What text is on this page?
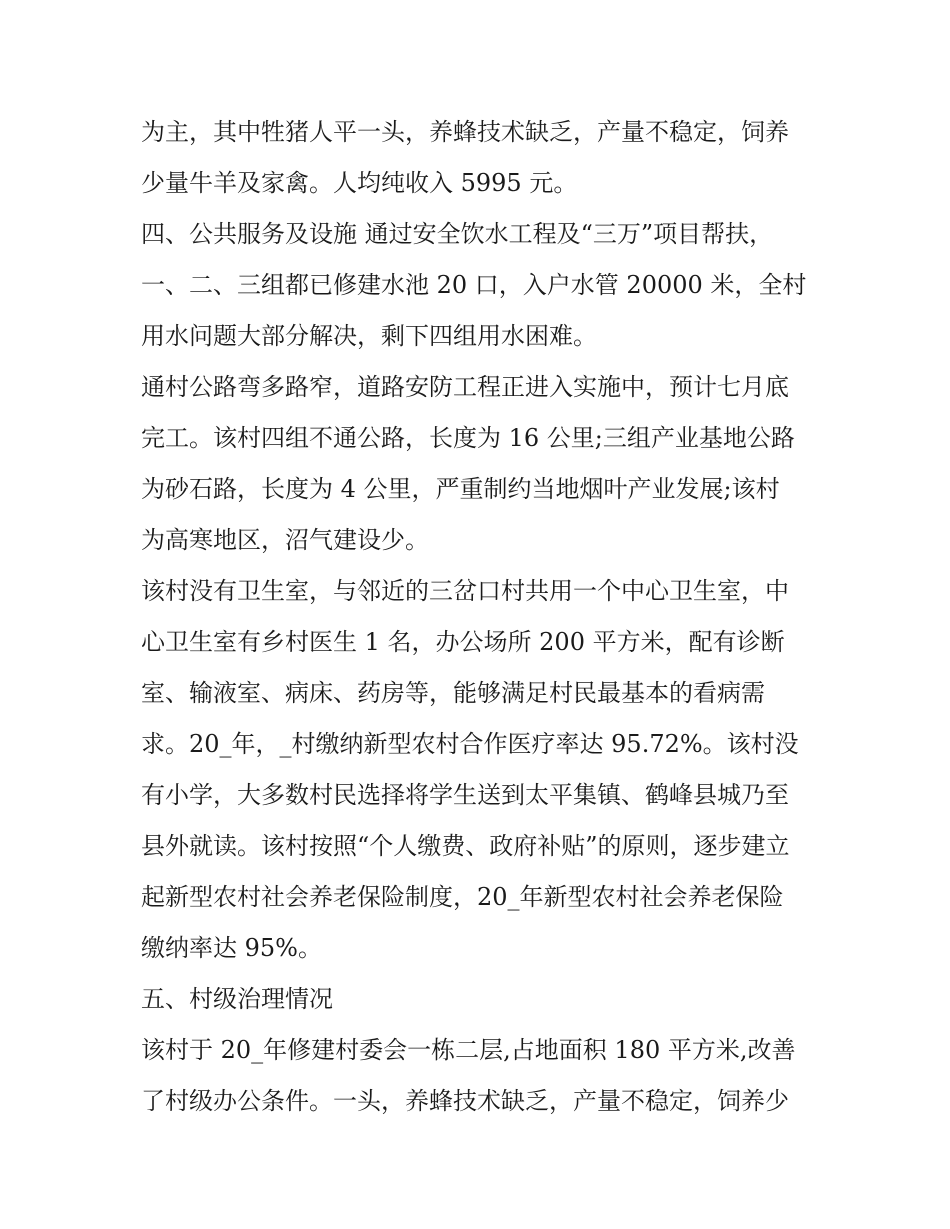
为主，其中牲猪人平一头，养蜂技术缺乏，产量不稳定，饲养
少量牛羊及家禽。人均纯收入 5995 元。
四、公共服务及设施 通过安全饮水工程及“三万”项目帮扶，
一、二、三组都已修建水池 20 口，入户水管 20000 米，全村
用水问题大部分解决，剩下四组用水困难。
通村公路弯多路窄，道路安防工程正进入实施中，预计七月底
完工。该村四组不通公路，长度为 16 公里;三组产业基地公路
为砂石路，长度为 4 公里，严重制约当地烟叶产业发展;该村
为高寒地区，沼气建设少。
该村没有卫生室，与邻近的三岔口村共用一个中心卫生室，中
心卫生室有乡村医生 1 名，办公场所 200 平方米，配有诊断
室、输液室、病床、药房等，能够满足村民最基本的看病需
求。20_年，_村缴纳新型农村合作医疗率达 95.72%。该村没
有小学，大多数村民选择将学生送到太平集镇、鹤峰县城乃至
县外就读。该村按照“个人缴费、政府补贴”的原则，逐步建立
起新型农村社会养老保险制度，20_年新型农村社会养老保险
缴纳率达 95%。
五、村级治理情况
该村于 20_年修建村委会一栋二层,占地面积 180 平方米,改善
了村级办公条件。一头，养蜂技术缺乏，产量不稳定，饲养少
